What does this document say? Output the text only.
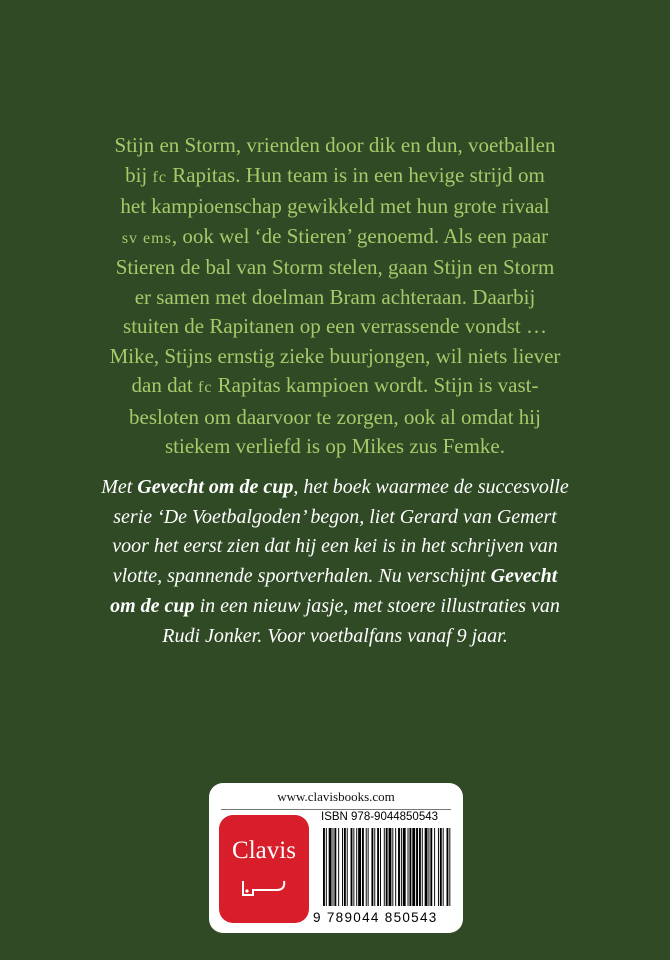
Stijn en Storm, vrienden door dik en dun, voetballen
bij fc Rapitas. Hun team is in een hevige strijd om
het kampioenschap gewikkeld met hun grote rivaal
sv ems, ook wel ‘de Stieren’ genoemd. Als een paar
Stieren de bal van Storm stelen, gaan Stijn en Storm
er samen met doelman Bram achteraan. Daarbij
stuiten de Rapitanen op een verrassende vondst …
Mike, Stijns ernstig zieke buurjongen, wil niets liever
dan dat fc Rapitas kampioen wordt. Stijn is vast-
besloten om daarvoor te zorgen, ook al omdat hij
stiekem verliefd is op Mikes zus Femke.

Met Gevecht om de cup, het boek waarmee de succesvolle
serie ‘De Voetbalgoden’ begon, liet Gerard van Gemert
voor het eerst zien dat hij een kei is in het schrijven van
vlotte, spannende sportverhalen. Nu verschijnt Gevecht
om de cup in een nieuw jasje, met stoere illustraties van
Rudi Jonker. Voor voetbalfans vanaf 9 jaar.

www.clavisbooks.com
Clavis
ISBN 978-9044850543
9 789044 850543
